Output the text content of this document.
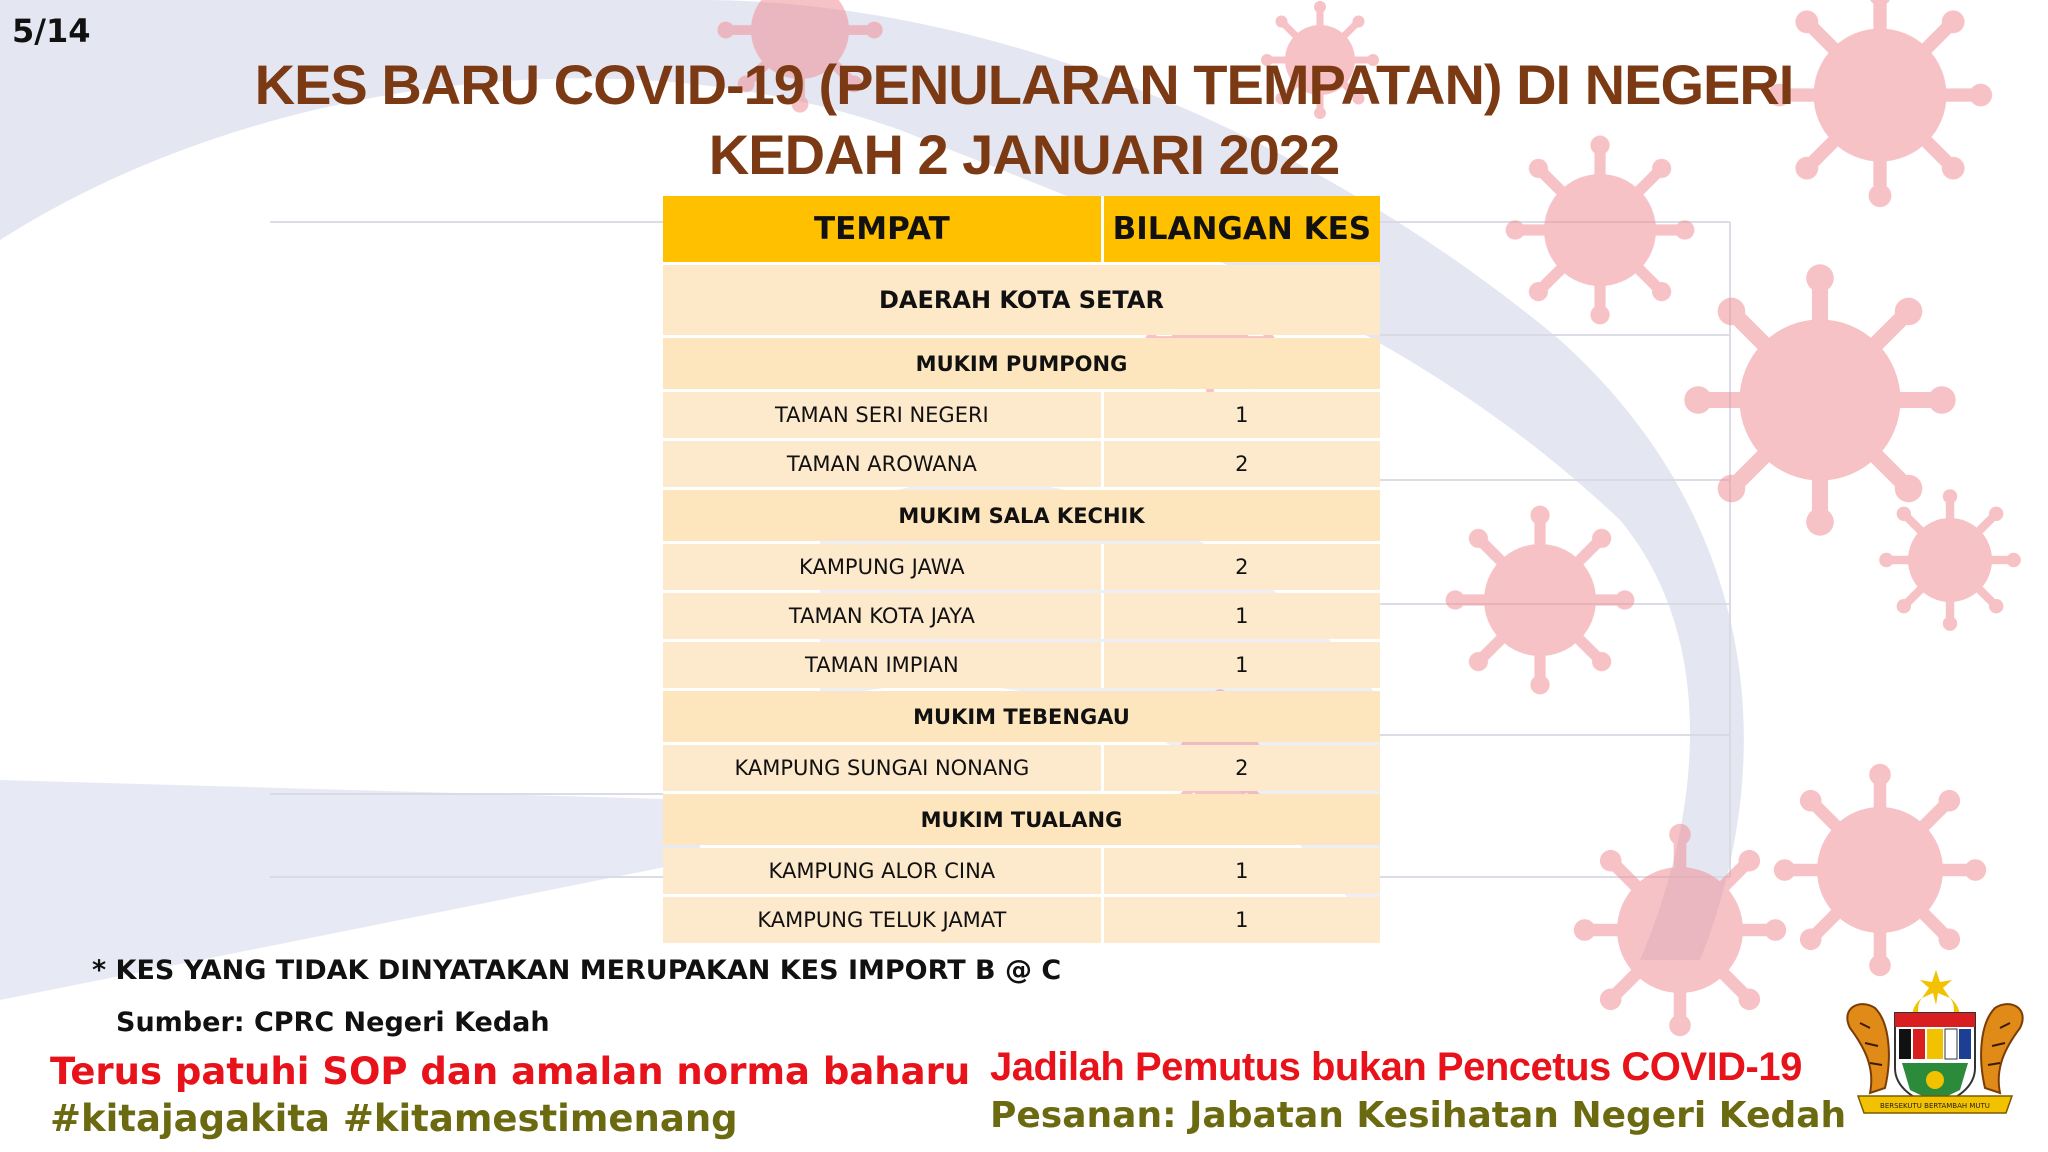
5/14
KES BARU COVID-19 (PENULARAN TEMPATAN) DI NEGERI
KEDAH 2 JANUARI 2022
TEMPAT	BILANGAN KES
DAERAH KOTA SETAR	
MUKIM PUMPONG	
TAMAN SERI NEGERI	1
TAMAN AROWANA	2
MUKIM SALA KECHIK	
KAMPUNG JAWA	2
TAMAN KOTA JAYA	1
TAMAN IMPIAN	1
MUKIM TEBENGAU	
KAMPUNG SUNGAI NONANG	2
MUKIM TUALANG	
KAMPUNG ALOR CINA	1
KAMPUNG TELUK JAMAT	1
* KES YANG TIDAK DINYATAKAN MERUPAKAN KES IMPORT B @ C
Sumber: CPRC Negeri Kedah
Terus patuhi SOP dan amalan norma baharu
#kitajagakita #kitamestimenang
Jadilah Pemutus bukan Pencetus COVID-19
Pesanan: Jabatan Kesihatan Negeri Kedah	BERSEKUTU BERTAMBAH MUTU
